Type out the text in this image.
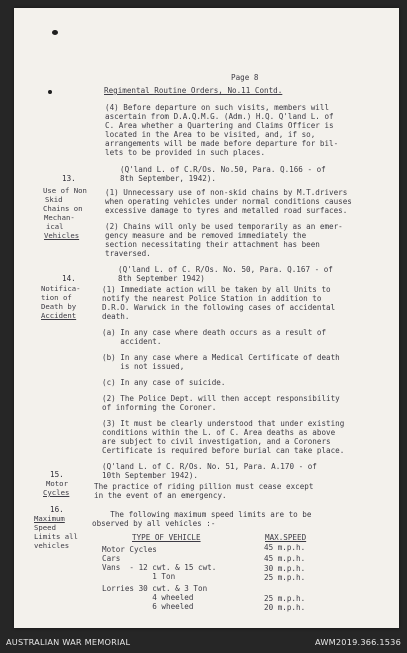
Page 8
Regimental Routine Orders, No.11 Contd.
(4) Before departure on such visits, members will
ascertain from D.A.Q.M.G. (Adm.) H.Q. Q'land L. of
C. Area whether a Quartering and Claims Officer is
located in the Area to be visited, and, if so,
arrangements will be made before departure for bil-
lets to be provided in such places.
(Q'land L. of C.R/Os. No.50, Para. Q.166 - of
8th September, 1942).
13.
Use of Non
Skid
Chains on
Mechan-
ical
Vehicles
(1) Unnecessary use of non-skid chains by M.T.drivers
when operating vehicles under normal conditions causes
excessive damage to tyres and metalled road surfaces.
(2) Chains will only be used temporarily as an emer-
gency measure and be removed immediately the
section necessitating their attachment has been
traversed.
(Q'land L. of C. R/Os. No. 50, Para. Q.167 - of
8th September 1942)
14.
Notifica-
tion of
Death by
Accident
(1) Immediate action will be taken by all Units to
notify the nearest Police Station in addition to
D.R.O. Warwick in the following cases of accidental
death.
(a) In any case where death occurs as a result of
accident.
(b) In any case where a Medical Certificate of death
is not issued,
(c) In any case of suicide.
(2) The Police Dept. will then accept responsibility
of informing the Coroner.
(3) It must be clearly understood that under existing
conditions within the L. of C. Area deaths as above
are subject to civil investigation, and a Coroners
Certificate is required before burial can take place.
(Q'land L. of C. R/Os. No. 51, Para. A.170 - of
10th September 1942).
15.
Motor
Cycles
The practice of riding pillion must cease except
in the event of an emergency.
16.
Maximum
Speed
Limits all
vehicles
The following maximum speed limits are to be
observed by all vehicles :-
TYPE OF VEHICLE	MAX.SPEED
Motor Cycles	45 m.p.h.
Cars	45 m.p.h.
Vans  - 12 cwt. & 15 cwt.	30 m.p.h.
1 Ton	25 m.p.h.
Lorries 30 cwt. & 3 Ton
4 wheeled	25 m.p.h.
6 wheeled	20 m.p.h.
AUSTRALIAN WAR MEMORIAL	AWM2019.366.1536
